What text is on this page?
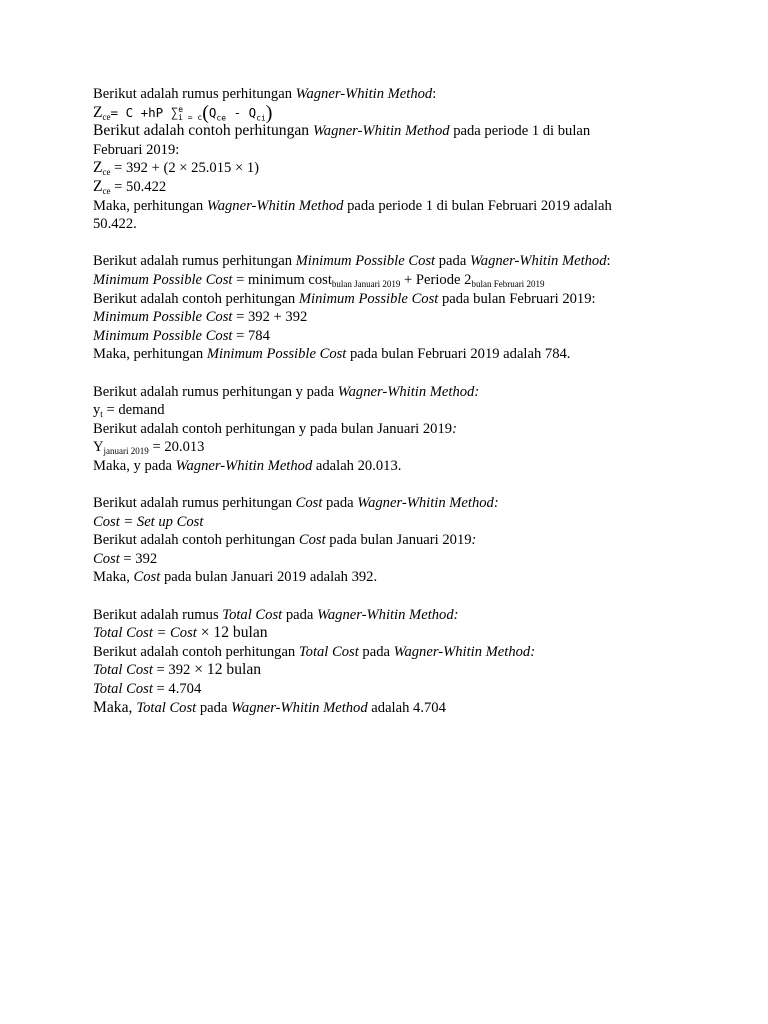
Berikut adalah rumus perhitungan Wagner-Whitin Method:

$Z_{ce}= C +hP$ $\sum^e_{i = c}(Q_{ce} - Q_{ci})$

Berikut adalah contoh perhitungan Wagner-Whitin Method pada periode 1 di bulan

Februari 2019:

$Z_{ce} = 392 + (2 \times 25.015 \times 1)$

$Z_{ce} = 50.422$

Maka, perhitungan Wagner-Whitin Method pada periode 1 di bulan Februari 2019 adalah

50.422.

Berikut adalah rumus perhitungan Minimum Possible Cost pada Wagner-Whitin Method:

Minimum Possible Cost = minimum cost$_{bulan Januari 2019}$ + Periode $2_{bulan Februari 2019}$

Berikut adalah contoh perhitungan Minimum Possible Cost pada bulan Februari 2019:

Minimum Possible Cost = 392 + 392

Minimum Possible Cost = 784

Maka, perhitungan Minimum Possible Cost pada bulan Februari 2019 adalah 784.

Berikut adalah rumus perhitungan y pada Wagner-Whitin Method:

$y_t$ = demand

Berikut adalah contoh perhitungan y pada bulan Januari 2019:

$Y_{januari 2019} = 20.013$

Maka, y pada Wagner-Whitin Method adalah 20.013.

Berikut adalah rumus perhitungan Cost pada Wagner-Whitin Method:

Cost = Set up Cost

Berikut adalah contoh perhitungan Cost pada bulan Januari 2019:

Cost = 392

Maka, Cost pada bulan Januari 2019 adalah 392.

Berikut adalah rumus Total Cost pada Wagner-Whitin Method:

Total Cost = Cost × 12 bulan

Berikut adalah contoh perhitungan Total Cost pada Wagner-Whitin Method:

Total Cost = 392 × 12 bulan

Total Cost = 4.704

Maka, Total Cost pada Wagner-Whitin Method adalah 4.704
